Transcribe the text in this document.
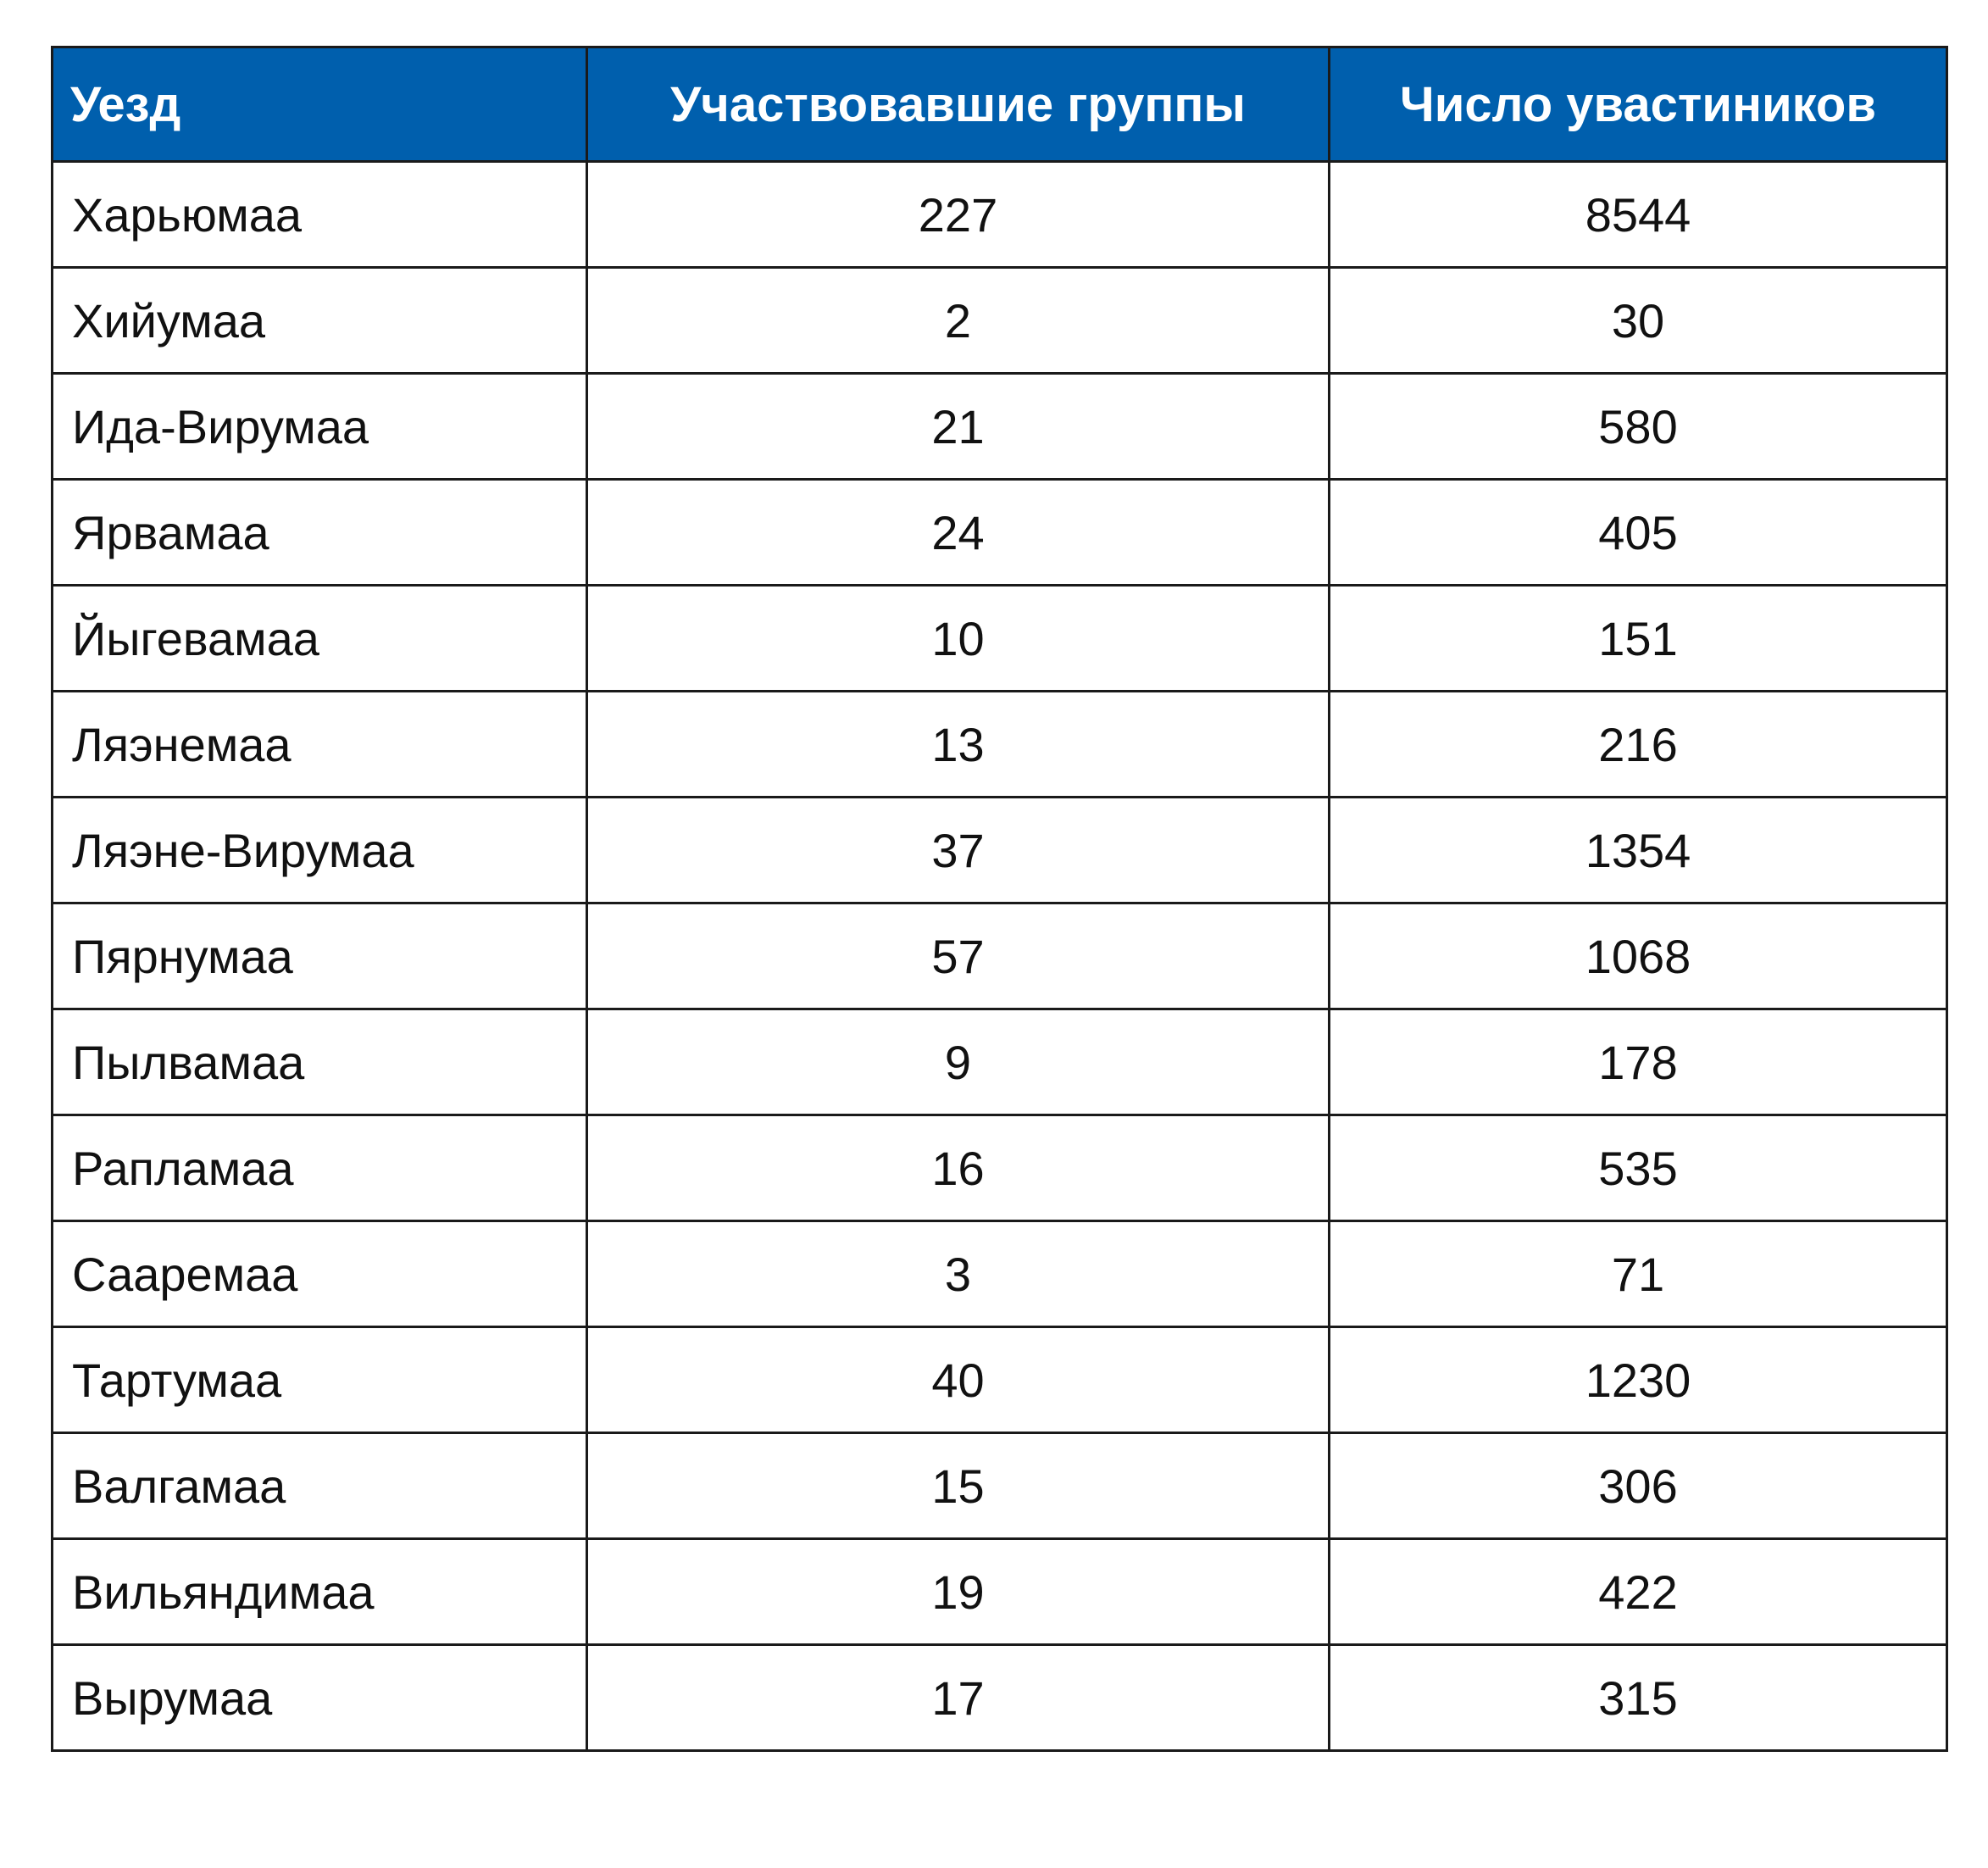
Уезд	Участвовавшие группы	Число увастиников
Харьюмаа	227	8544
Хийумаа	2	30
Ида-Вирумаа	21	580
Ярвамаа	24	405
Йыгевамаа	10	151
Ляэнемаа	13	216
Ляэне-Вирумаа	37	1354
Пярнумаа	57	1068
Пылвамаа	9	178
Рапламаа	16	535
Сааремаа	3	71
Тартумаа	40	1230
Валгамаа	15	306
Вильяндимаа	19	422
Вырумаа	17	315
